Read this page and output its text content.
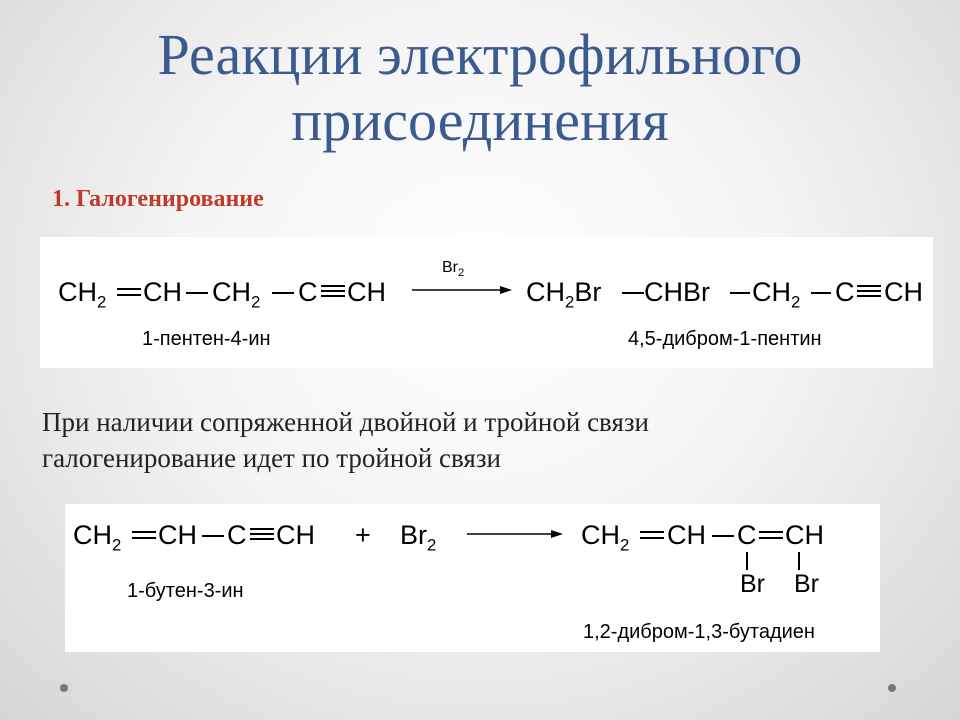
Реакции электрофильного
присоединения
1. Галогенирование
$CH_2$ CH $CH_2$ C CH
$Br_2$
$CH_2Br$ CHBr $CH_2$ C CH
1-пентен-4-ин	4,5-дибром-1-пентин
При наличии сопряженной двойной и тройной связи
галогенирование идет по тройной связи
$CH_2$ CH C CH + $Br_2$	$CH_2$ CH C CH
Br Br
1-бутен-3-ин
1,2-дибром-1,3-бутадиен
